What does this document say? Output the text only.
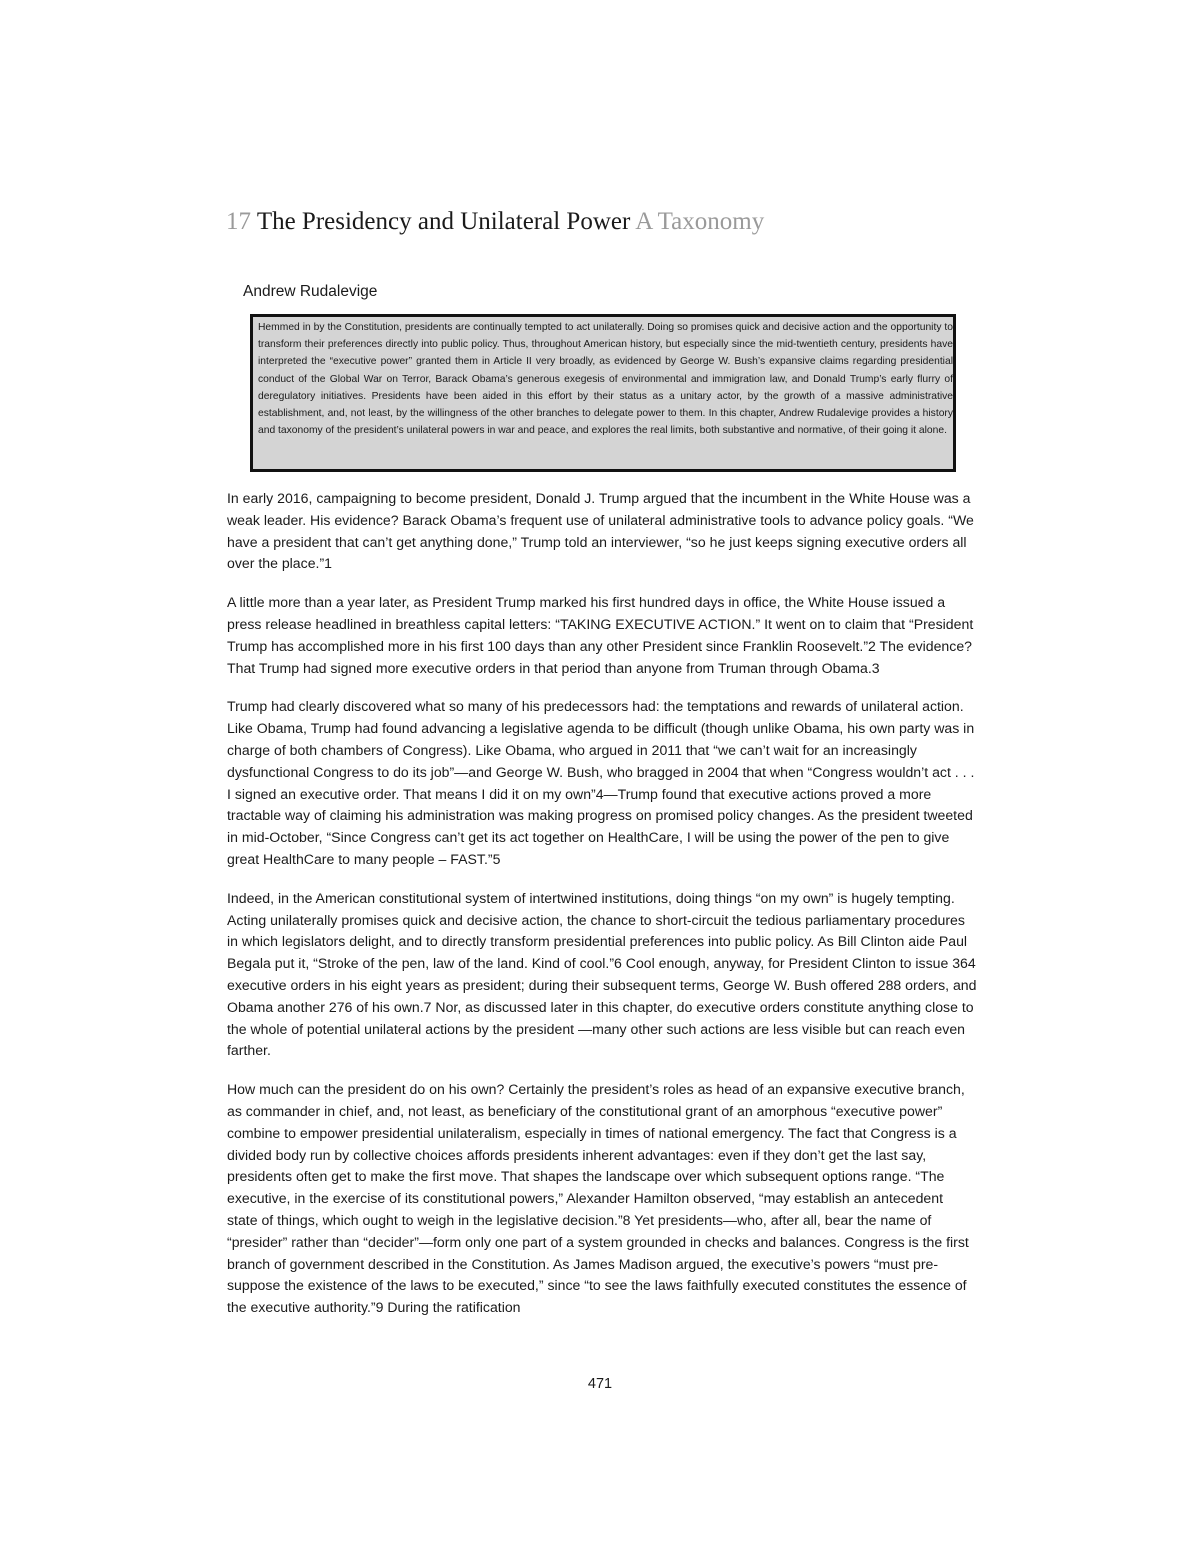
17 The Presidency and Unilateral Power A Taxonomy

Andrew Rudalevige

Hemmed in by the Constitution, presidents are continually tempted to act unilaterally. Doing so promises quick and decisive action and the opportunity to transform their preferences directly into public policy. Thus, throughout American history, but especially since the mid-twentieth century, presidents have interpreted the “executive power” granted them in Article II very broadly, as evidenced by George W. Bush’s expansive claims regarding presidential conduct of the Global War on Terror, Barack Obama’s generous exegesis of environmental and immigration law, and Donald Trump’s early flurry of deregulatory initiatives. Presidents have been aided in this effort by their status as a unitary actor, by the growth of a massive administrative establishment, and, not least, by the willingness of the other branches to delegate power to them. In this chapter, Andrew Rudalevige provides a history and taxonomy of the president’s unilateral powers in war and peace, and explores the real limits, both substantive and normative, of their going it alone.

In early 2016, campaigning to become president, Donald J. Trump argued that the incumbent in the White House was a weak leader. His evidence? Barack Obama’s frequent use of unilateral administrative tools to advance policy goals. “We have a president that can’t get anything done,” Trump told an interviewer, “so he just keeps signing executive orders all over the place.”1

A little more than a year later, as President Trump marked his first hundred days in office, the White House issued a press release headlined in breathless capital letters: “TAKING EXECUTIVE ACTION.” It went on to claim that “President Trump has accomplished more in his first 100 days than any other President since Franklin Roosevelt.”2 The evidence? That Trump had signed more executive orders in that period than anyone from Truman through Obama.3

Trump had clearly discovered what so many of his predecessors had: the temptations and rewards of unilateral action. Like Obama, Trump had found advancing a legislative agenda to be difficult (though unlike Obama, his own party was in charge of both chambers of Congress). Like Obama, who argued in 2011 that “we can’t wait for an increasingly dysfunctional Congress to do its job”—and George W. Bush, who bragged in 2004 that when “Congress wouldn’t act . . . I signed an executive order. That means I did it on my own”4—Trump found that executive actions proved a more tractable way of claiming his administration was making progress on promised policy changes. As the president tweeted in mid-October, “Since Congress can’t get its act together on HealthCare, I will be using the power of the pen to give great HealthCare to many people – FAST.”5

Indeed, in the American constitutional system of intertwined institutions, doing things “on my own” is hugely tempting. Acting unilaterally promises quick and decisive action, the chance to short-circuit the tedious parliamentary procedures in which legislators delight, and to directly transform presidential preferences into public policy. As Bill Clinton aide Paul Begala put it, “Stroke of the pen, law of the land. Kind of cool.”6 Cool enough, anyway, for President Clinton to issue 364 executive orders in his eight years as president; during their subsequent terms, George W. Bush offered 288 orders, and Obama another 276 of his own.7 Nor, as discussed later in this chapter, do executive orders constitute anything close to the whole of potential unilateral actions by the president —many other such actions are less visible but can reach even farther.

How much can the president do on his own? Certainly the president’s roles as head of an expansive executive branch, as commander in chief, and, not least, as beneficiary of the constitutional grant of an amorphous “executive power” combine to empower presidential unilateralism, especially in times of national emergency. The fact that Congress is a divided body run by collective choices affords presidents inherent advantages: even if they don’t get the last say, presidents often get to make the first move. That shapes the landscape over which subsequent options range. “The executive, in the exercise of its constitutional powers,” Alexander Hamilton observed, “may establish an antecedent state of things, which ought to weigh in the legislative decision.”8 Yet presidents—who, after all, bear the name of “presider” rather than “decider”—form only one part of a system grounded in checks and balances. Congress is the first branch of government described in the Constitution. As James Madison argued, the executive’s powers “must pre-suppose the existence of the laws to be executed,” since “to see the laws faithfully executed constitutes the essence of the executive authority.”9 During the ratification

471
